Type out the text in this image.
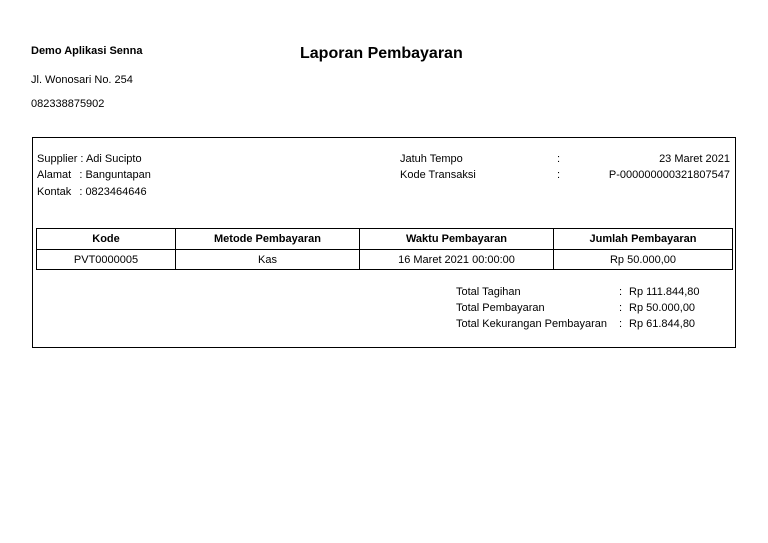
Demo Aplikasi Senna
Jl. Wonosari No. 254
082338875902
Laporan Pembayaran
Supplier : Adi Sucipto
Alamat : Banguntapan
Kontak : 0823464646
Jatuh Tempo	:	23 Maret 2021
Kode Transaksi	:	P-000000000321807547
Kode	Metode Pembayaran	Waktu Pembayaran	Jumlah Pembayaran
PVT0000005	Kas	16 Maret 2021 00:00:00	Rp 50.000,00
Total Tagihan	: Rp 111.844,80
Total Pembayaran	: Rp 50.000,00
Total Kekurangan Pembayaran : Rp 61.844,80
